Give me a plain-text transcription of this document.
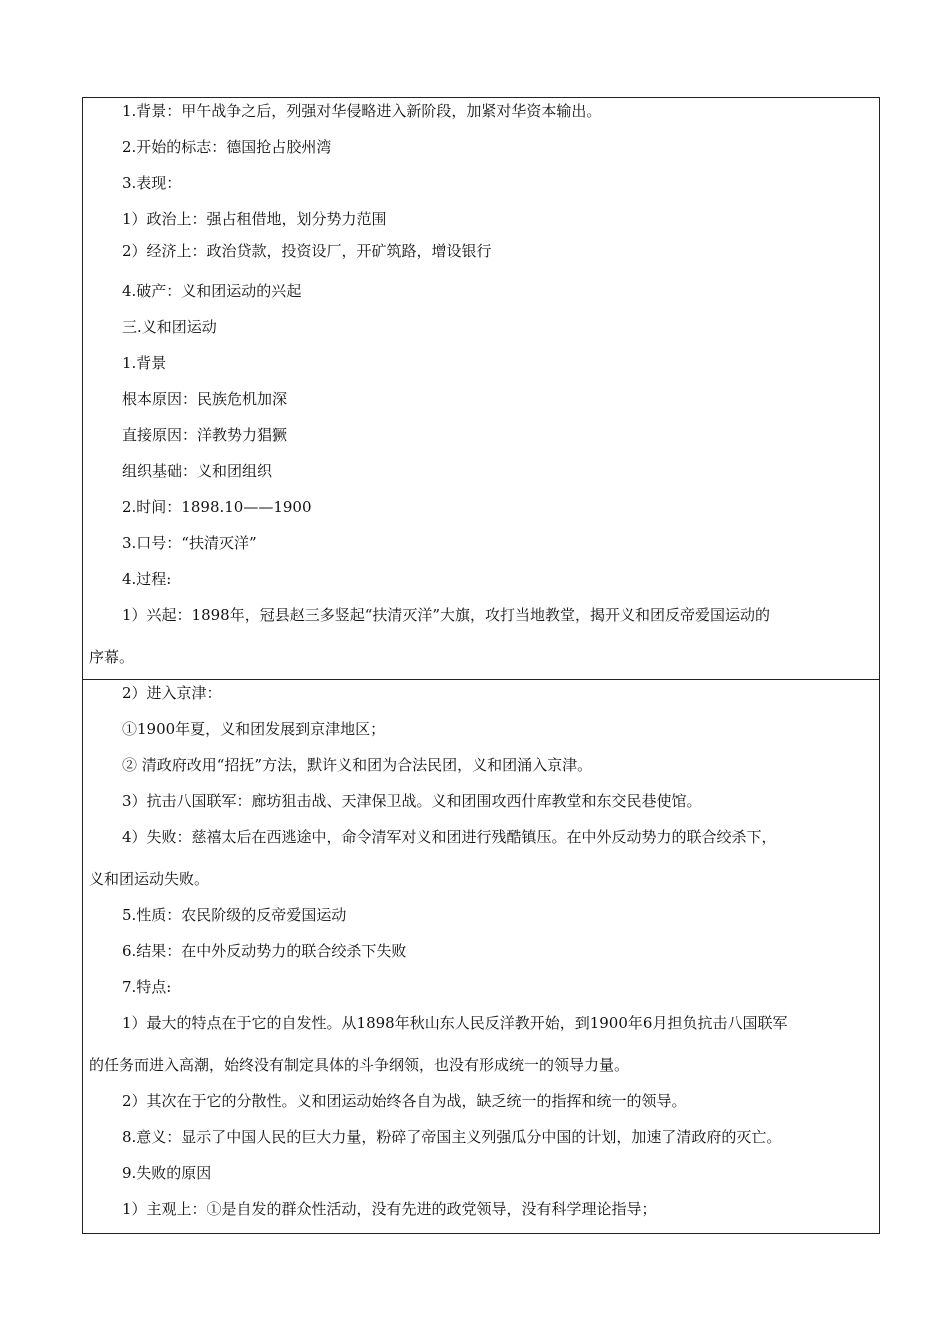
1.背景：甲午战争之后，列强对华侵略进入新阶段，加紧对华资本输出。
2.开始的标志：德国抢占胶州湾
3.表现：
1）政治上：强占租借地，划分势力范围
2）经济上：政治贷款，投资设厂，开矿筑路，增设银行
4.破产：义和团运动的兴起
三.义和团运动
1.背景
根本原因：民族危机加深
直接原因：洋教势力猖獗
组织基础：义和团组织
2.时间：1898.10——1900
3.口号：“扶清灭洋”
4.过程:
1）兴起：1898年，冠县赵三多竖起“扶清灭洋”大旗，攻打当地教堂，揭开义和团反帝爱国运动的
序幕。
2）进入京津：
①1900年夏，义和团发展到京津地区；
② 清政府改用“招抚”方法，默许义和团为合法民团，义和团涌入京津。
3）抗击八国联军：廊坊狙击战、天津保卫战。义和团围攻西什库教堂和东交民巷使馆。
4）失败：慈禧太后在西逃途中，命令清军对义和团进行残酷镇压。在中外反动势力的联合绞杀下，
义和团运动失败。
5.性质：农民阶级的反帝爱国运动
6.结果：在中外反动势力的联合绞杀下失败
7.特点:
1）最大的特点在于它的自发性。从1898年秋山东人民反洋教开始，到1900年6月担负抗击八国联军
的任务而进入高潮，始终没有制定具体的斗争纲领，也没有形成统一的领导力量。
2）其次在于它的分散性。义和团运动始终各自为战，缺乏统一的指挥和统一的领导。
8.意义：显示了中国人民的巨大力量，粉碎了帝国主义列强瓜分中国的计划，加速了清政府的灭亡。
9.失败的原因
1）主观上：①是自发的群众性活动，没有先进的政党领导，没有科学理论指导；
